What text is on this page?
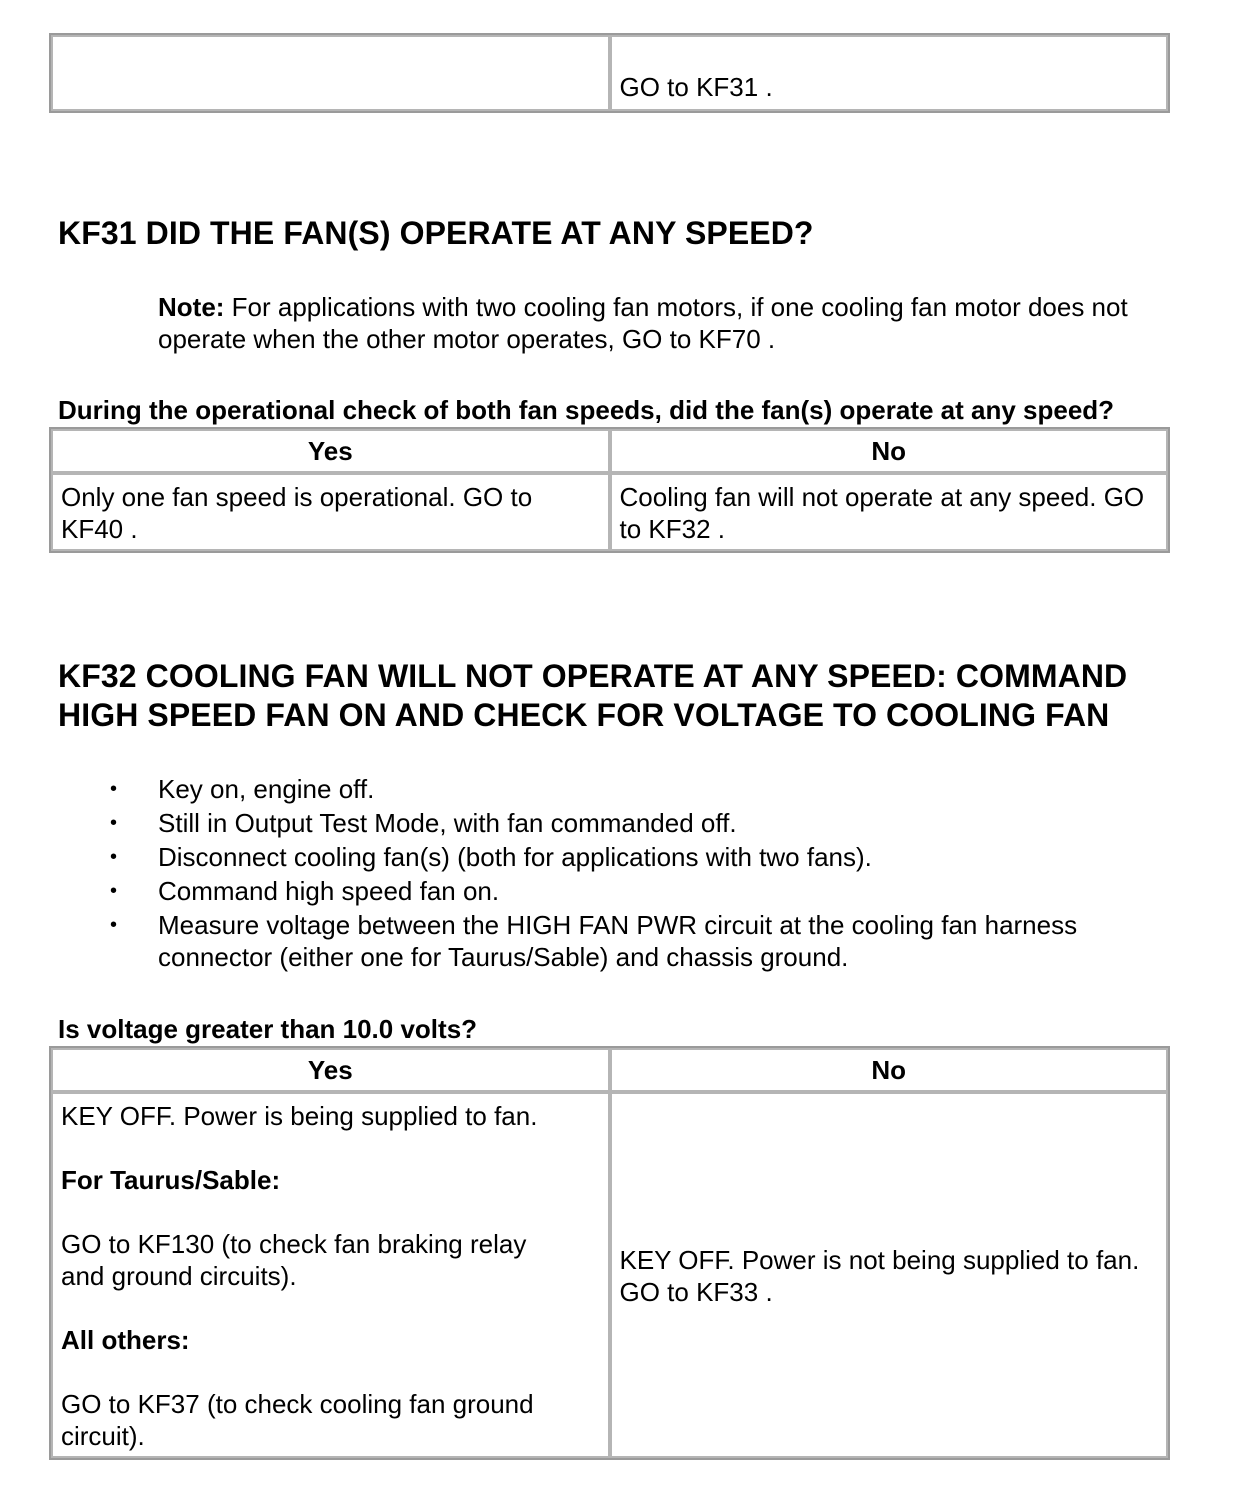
	GO to KF31 .
KF31 DID THE FAN(S) OPERATE AT ANY SPEED?

Note: For applications with two cooling fan motors, if one cooling fan motor does not operate when the other motor operates, GO to KF70 .

During the operational check of both fan speeds, did the fan(s) operate at any speed?

Yes	No
Only one fan speed is operational. GO to KF40 .	Cooling fan will not operate at any speed. GO to KF32 .
KF32 COOLING FAN WILL NOT OPERATE AT ANY SPEED: COMMAND
HIGH SPEED FAN ON AND CHECK FOR VOLTAGE TO COOLING FAN
• Key on, engine off.
• Still in Output Test Mode, with fan commanded off.
• Disconnect cooling fan(s) (both for applications with two fans).
• Command high speed fan on.
• Measure voltage between the HIGH FAN PWR circuit at the cooling fan harness connector (either one for Taurus/Sable) and chassis ground.

Is voltage greater than 10.0 volts?

Yes	No

KEY OFF. Power is being supplied to fan.

For Taurus/Sable:

GO to KF130 (to check fan braking relay and ground circuits).

All others:

GO to KF37 (to check cooling fan ground circuit).	KEY OFF. Power is not being supplied to fan. GO to KF33 .
